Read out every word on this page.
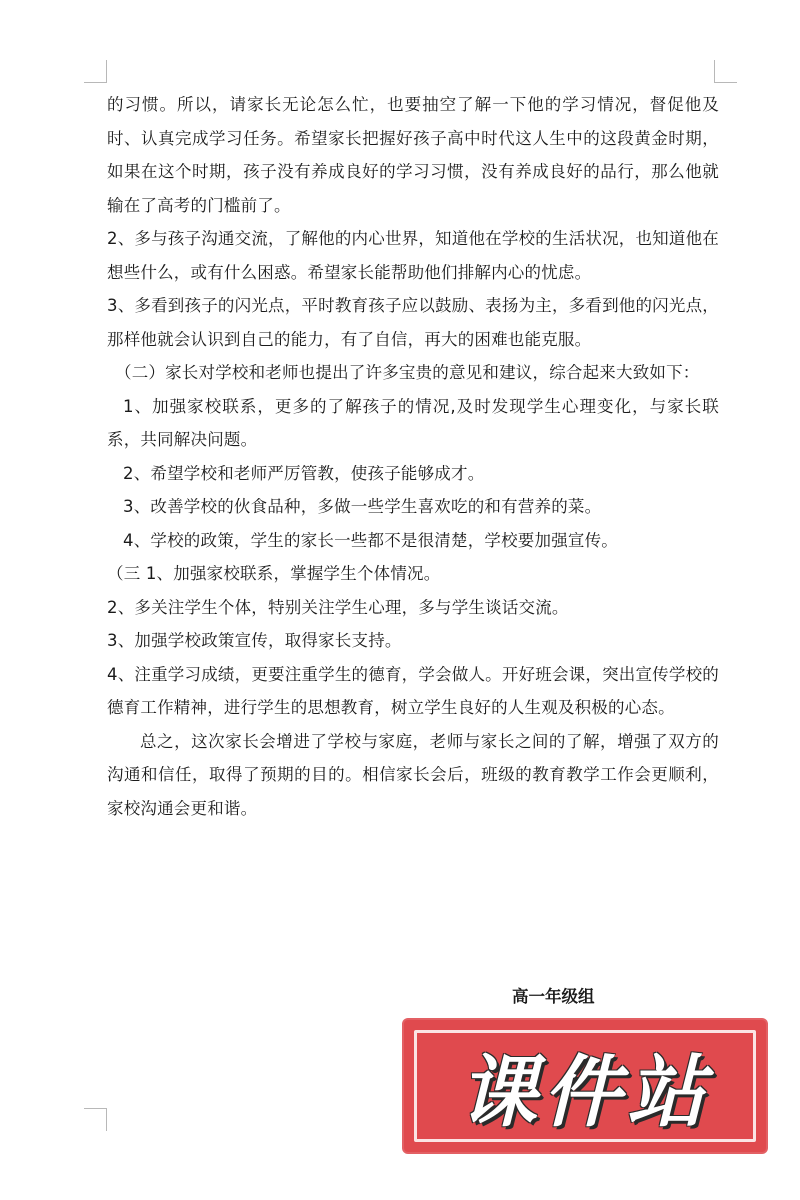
的习惯。所以，请家长无论怎么忙，也要抽空了解一下他的学习情况，督促他及时、认真完成学习任务。希望家长把握好孩子高中时代这人生中的这段黄金时期，如果在这个时期，孩子没有养成良好的学习习惯，没有养成良好的品行，那么他就输在了高考的门槛前了。

2、多与孩子沟通交流，了解他的内心世界，知道他在学校的生活状况，也知道他在想些什么，或有什么困惑。希望家长能帮助他们排解内心的忧虑。

3、多看到孩子的闪光点，平时教育孩子应以鼓励、表扬为主，多看到他的闪光点，那样他就会认识到自己的能力，有了自信，再大的困难也能克服。

（二）家长对学校和老师也提出了许多宝贵的意见和建议，综合起来大致如下：

1、加强家校联系，更多的了解孩子的情况,及时发现学生心理变化，与家长联系，共同解决问题。

2、希望学校和老师严厉管教，使孩子能够成才。

3、改善学校的伙食品种，多做一些学生喜欢吃的和有营养的菜。

4、学校的政策，学生的家长一些都不是很清楚，学校要加强宣传。

（三 1、加强家校联系，掌握学生个体情况。

2、多关注学生个体，特别关注学生心理，多与学生谈话交流。

3、加强学校政策宣传，取得家长支持。

4、注重学习成绩，更要注重学生的德育，学会做人。开好班会课，突出宣传学校的德育工作精神，进行学生的思想教育，树立学生良好的人生观及积极的心态。

总之，这次家长会增进了学校与家庭，老师与家长之间的了解，增强了双方的沟通和信任，取得了预期的目的。相信家长会后，班级的教育教学工作会更顺利，家校沟通会更和谐。

高一年级组
课件站
